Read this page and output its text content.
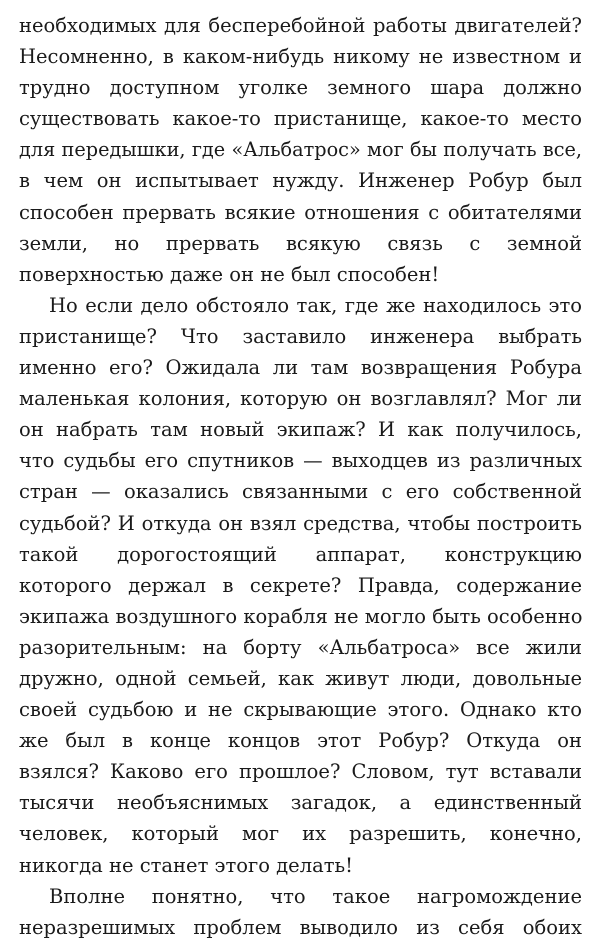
необходимых для бесперебойной работы двигателей?
Несомненно, в каком-нибудь никому не известном и
трудно доступном уголке земного шара должно
существовать какое-то пристанище, какое-то место
для передышки, где «Альбатрос» мог бы получать все,
в чем он испытывает нужду. Инженер Робур был
способен прервать всякие отношения с обитателями
земли, но прервать всякую связь с земной
поверхностью даже он не был способен!
Но если дело обстояло так, где же находилось это
пристанище? Что заставило инженера выбрать
именно его? Ожидала ли там возвращения Робура
маленькая колония, которую он возглавлял? Мог ли
он набрать там новый экипаж? И как получилось,
что судьбы его спутников — выходцев из различных
стран — оказались связанными с его собственной
судьбой? И откуда он взял средства, чтобы построить
такой дорогостоящий аппарат, конструкцию
которого держал в секрете? Правда, содержание
экипажа воздушного корабля не могло быть особенно
разорительным: на борту «Альбатроса» все жили
дружно, одной семьей, как живут люди, довольные
своей судьбою и не скрывающие этого. Однако кто
же был в конце концов этот Робур? Откуда он
взялся? Каково его прошлое? Словом, тут вставали
тысячи необъяснимых загадок, а единственный
человек, который мог их разрешить, конечно,
никогда не станет этого делать!
Вполне понятно, что такое нагромождение
неразрешимых проблем выводило из себя обоих
